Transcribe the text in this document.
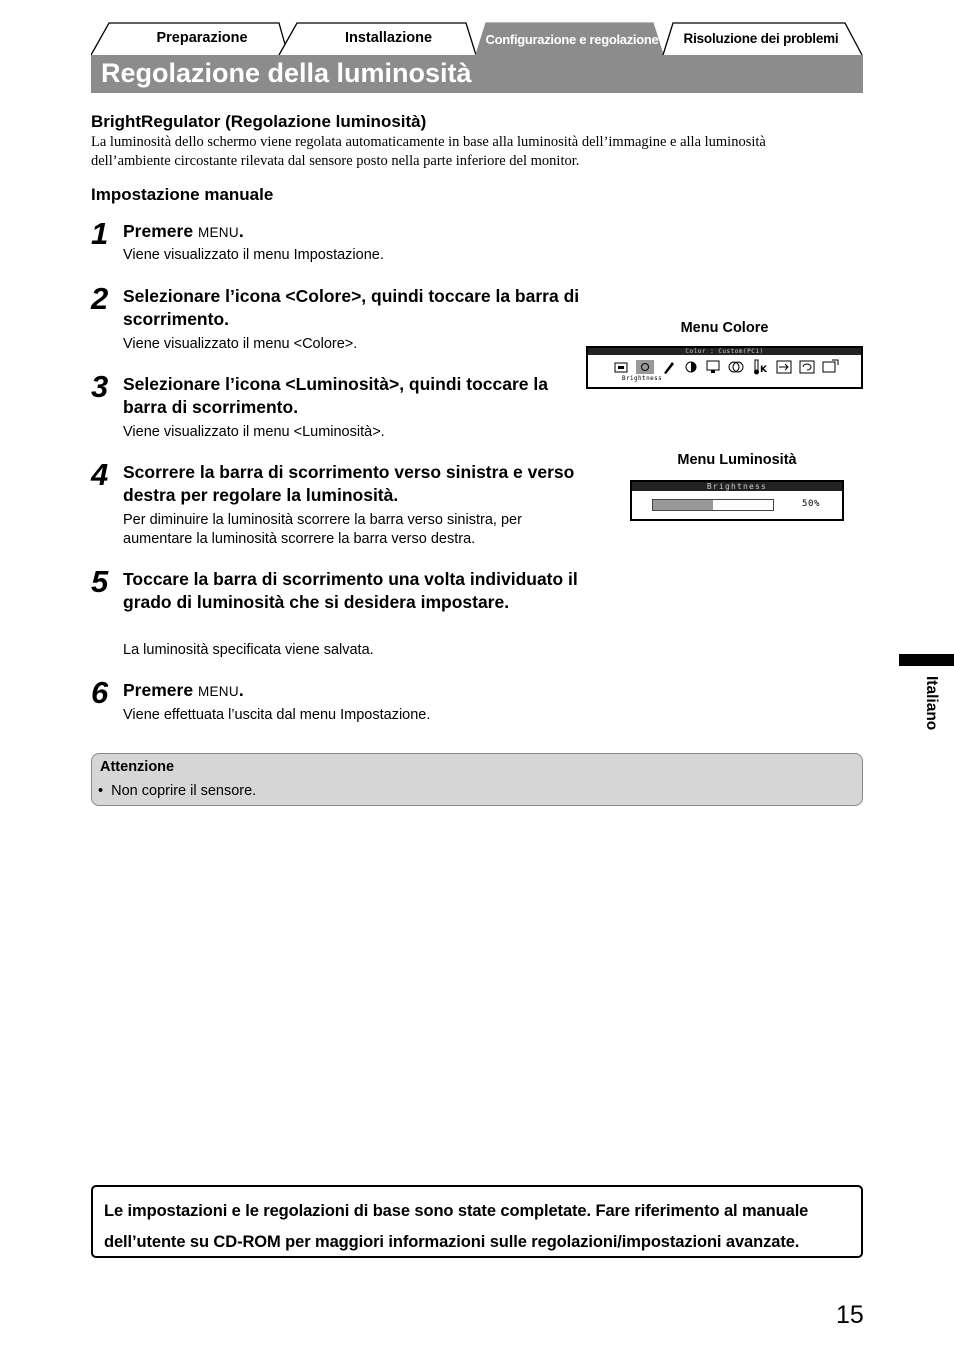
Preparazione	Installazione	Configurazione e regolazione	Risoluzione dei problemi
Regolazione della luminosità
BrightRegulator (Regolazione luminosità)
La luminosità dello schermo viene regolata automaticamente in base alla luminosità dell’immagine e alla luminosità
dell’ambiente circostante rilevata dal sensore posto nella parte inferiore del monitor.
Impostazione manuale
1 Premere MENU.
Viene visualizzato il menu Impostazione.
2 Selezionare l’icona <Colore>, quindi toccare la barra di scorrimento.
Viene visualizzato il menu <Colore>.
3 Selezionare l’icona <Luminosità>, quindi toccare la barra di scorrimento.
Viene visualizzato il menu <Luminosità>.
4 Scorrere la barra di scorrimento verso sinistra e verso destra per regolare la luminosità.
Per diminuire la luminosità scorrere la barra verso sinistra, per aumentare la luminosità scorrere la barra verso destra.
5 Toccare la barra di scorrimento una volta individuato il grado di luminosità che si desidera impostare.
La luminosità specificata viene salvata.
6 Premere MENU.
Viene effettuata l’uscita dal menu Impostazione.
Menu Colore
Color : Custom(PC1)
K
Brightness
Menu Luminosità
Brightness
50%
Attenzione
• Non coprire il sensore.

Le impostazioni e le regolazioni di base sono state completate. Fare riferimento al manuale dell’utente su CD-ROM per maggiori informazioni sulle regolazioni/impostazioni avanzate.

Italiano
15
